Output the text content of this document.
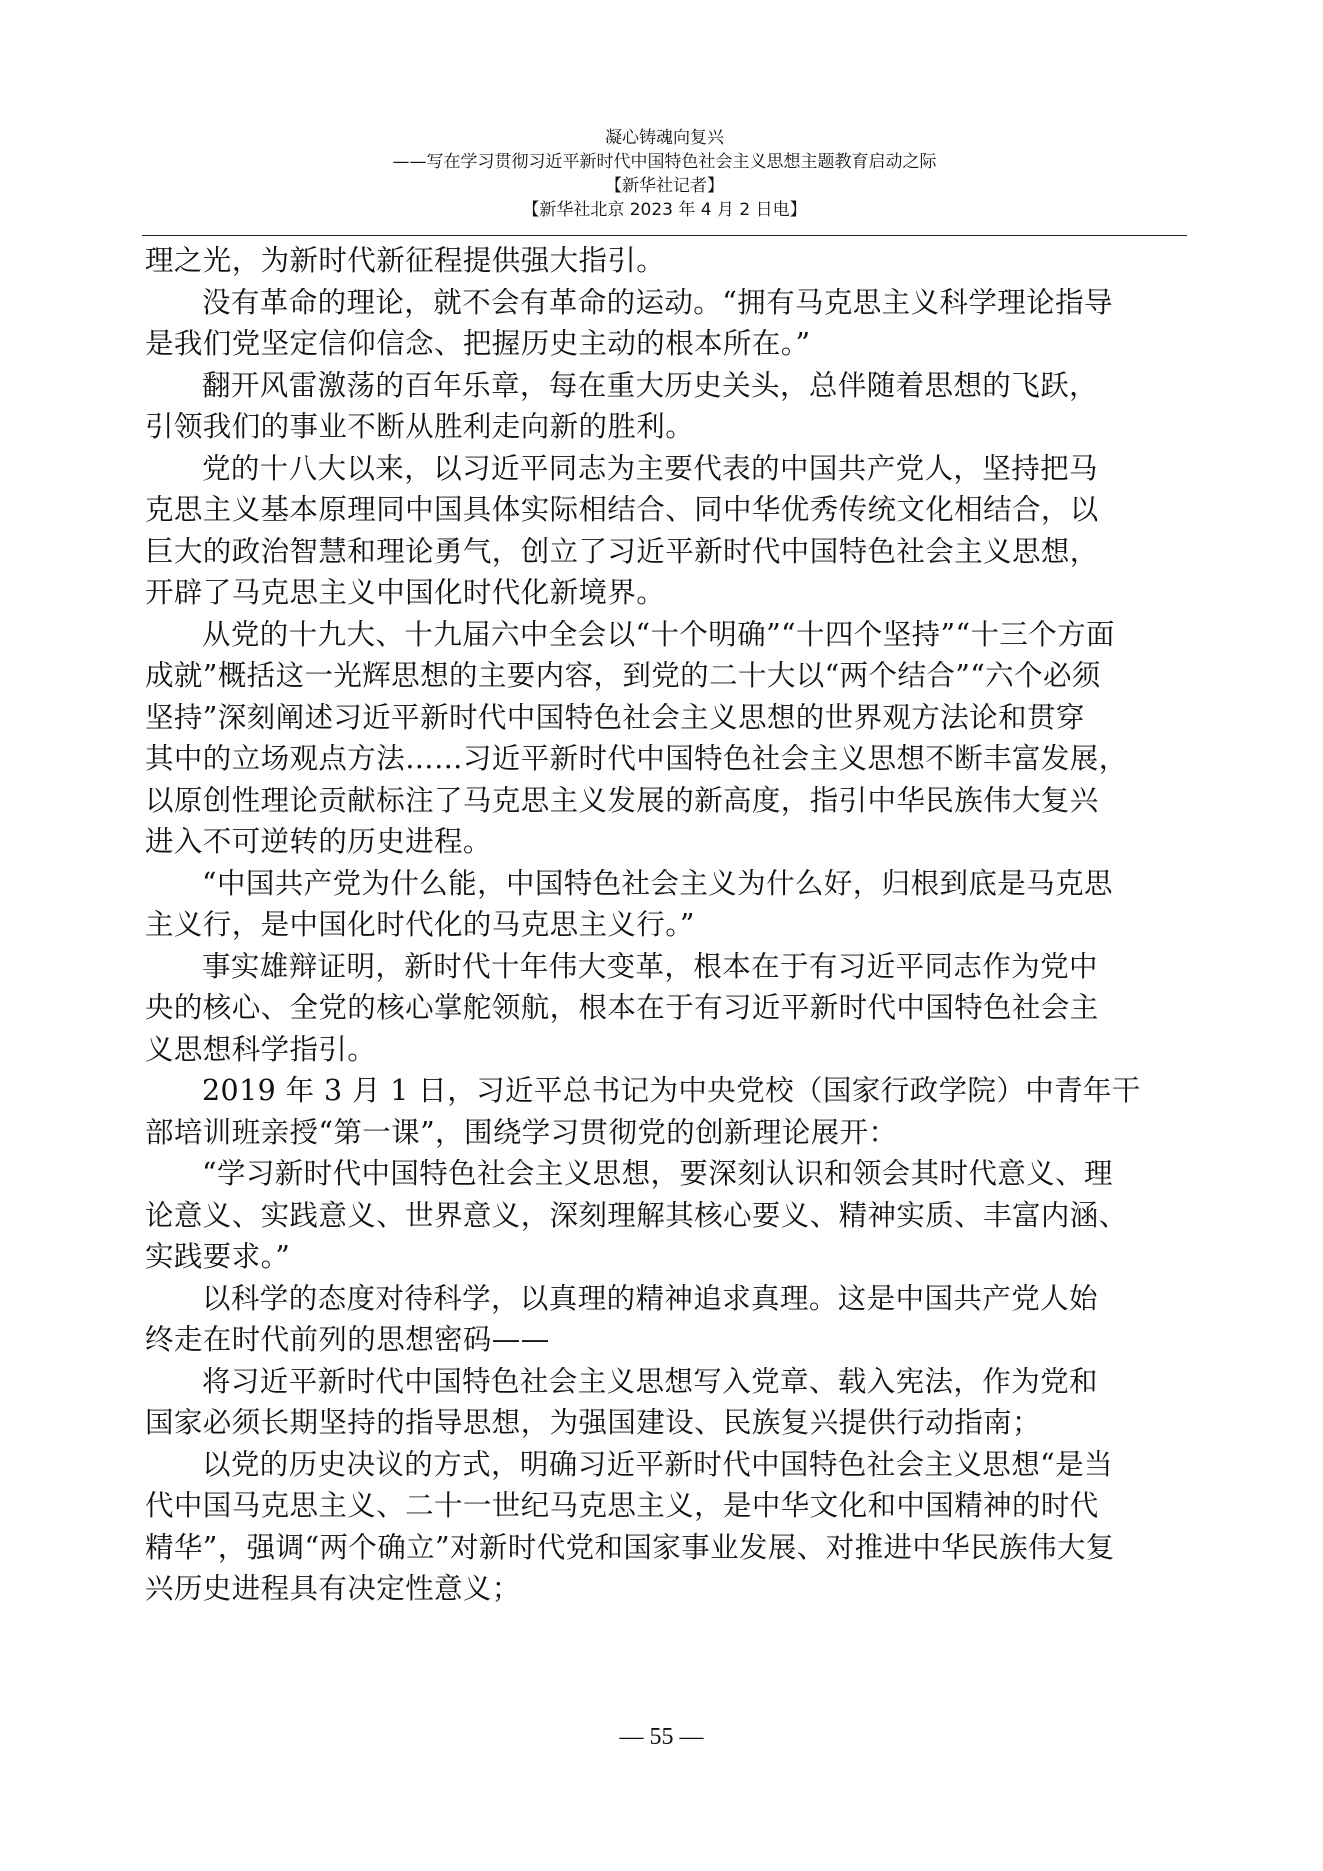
凝心铸魂向复兴
——写在学习贯彻习近平新时代中国特色社会主义思想主题教育启动之际
【新华社记者】
【新华社北京 2023 年 4 月 2 日电】

理之光，为新时代新征程提供强大指引。

没有革命的理论，就不会有革命的运动。“拥有马克思主义科学理论指导
是我们党坚定信仰信念、把握历史主动的根本所在。”

翻开风雷激荡的百年乐章，每在重大历史关头，总伴随着思想的飞跃，
引领我们的事业不断从胜利走向新的胜利。

党的十八大以来，以习近平同志为主要代表的中国共产党人，坚持把马
克思主义基本原理同中国具体实际相结合、同中华优秀传统文化相结合，以
巨大的政治智慧和理论勇气，创立了习近平新时代中国特色社会主义思想，
开辟了马克思主义中国化时代化新境界。

从党的十九大、十九届六中全会以“十个明确”“十四个坚持”“十三个方面
成就”概括这一光辉思想的主要内容，到党的二十大以“两个结合”“六个必须
坚持”深刻阐述习近平新时代中国特色社会主义思想的世界观方法论和贯穿
其中的立场观点方法……习近平新时代中国特色社会主义思想不断丰富发展，
以原创性理论贡献标注了马克思主义发展的新高度，指引中华民族伟大复兴
进入不可逆转的历史进程。

“中国共产党为什么能，中国特色社会主义为什么好，归根到底是马克思
主义行，是中国化时代化的马克思主义行。”

事实雄辩证明，新时代十年伟大变革，根本在于有习近平同志作为党中
央的核心、全党的核心掌舵领航，根本在于有习近平新时代中国特色社会主
义思想科学指引。

2019 年 3 月 1 日，习近平总书记为中央党校（国家行政学院）中青年干
部培训班亲授“第一课”，围绕学习贯彻党的创新理论展开：

“学习新时代中国特色社会主义思想，要深刻认识和领会其时代意义、理
论意义、实践意义、世界意义，深刻理解其核心要义、精神实质、丰富内涵、
实践要求。”

以科学的态度对待科学，以真理的精神追求真理。这是中国共产党人始
终走在时代前列的思想密码——

将习近平新时代中国特色社会主义思想写入党章、载入宪法，作为党和
国家必须长期坚持的指导思想，为强国建设、民族复兴提供行动指南；

以党的历史决议的方式，明确习近平新时代中国特色社会主义思想“是当
代中国马克思主义、二十一世纪马克思主义，是中华文化和中国精神的时代
精华”，强调“两个确立”对新时代党和国家事业发展、对推进中华民族伟大复
兴历史进程具有决定性意义；

— 55 —
